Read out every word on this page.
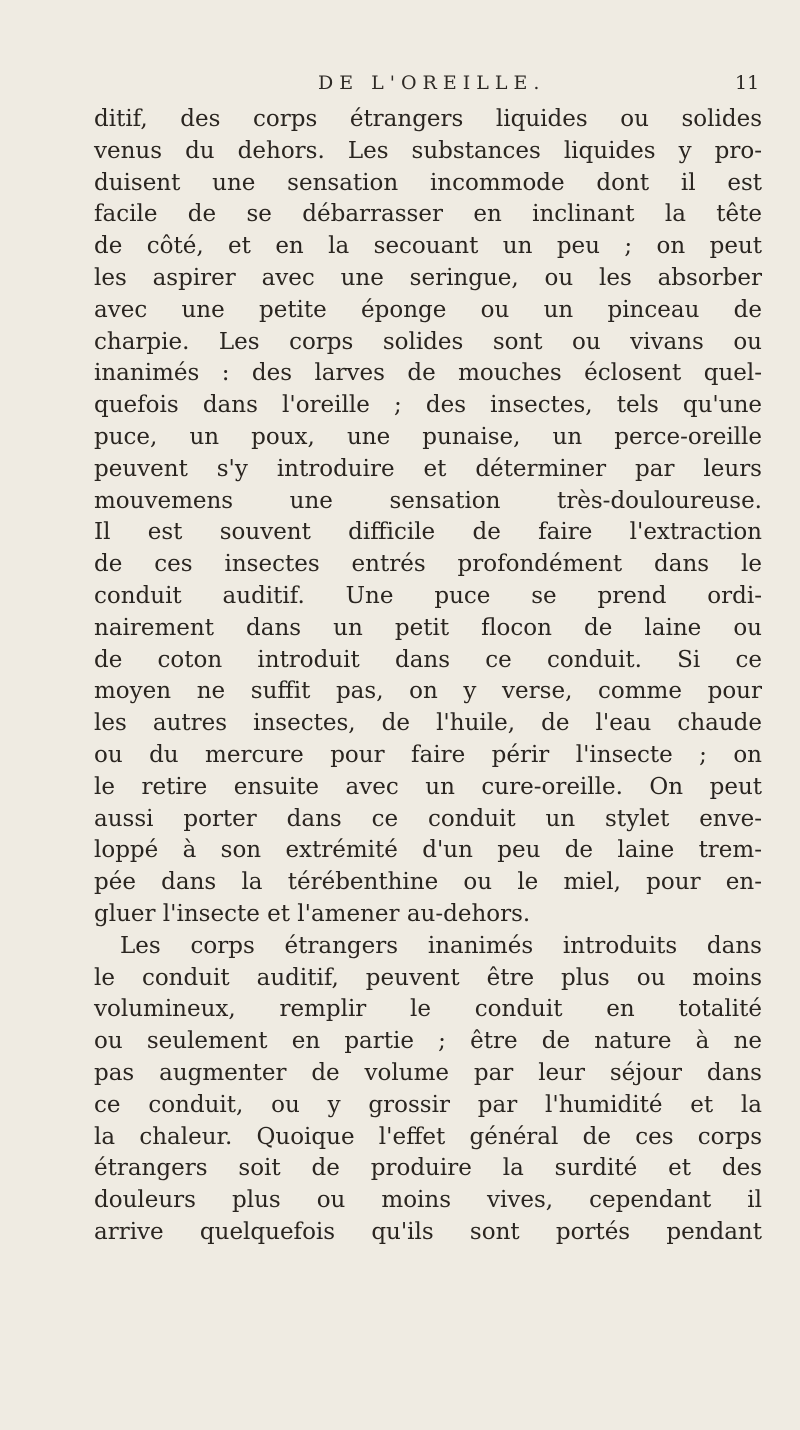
DE L'OREILLE.	11
ditif, des corps étrangers liquides ou solides
venus du dehors. Les substances liquides y pro-
duisent une sensation incommode dont il est
facile de se débarrasser en inclinant la tête
de côté, et en la secouant un peu ; on peut
les aspirer avec une seringue, ou les absorber
avec une petite éponge ou un pinceau de
charpie. Les corps solides sont ou vivans ou
inanimés : des larves de mouches éclosent quel-
quefois dans l'oreille ; des insectes, tels qu'une
puce, un poux, une punaise, un perce-oreille
peuvent s'y introduire et déterminer par leurs
mouvemens une sensation très-douloureuse.
Il est souvent difficile de faire l'extraction
de ces insectes entrés profondément dans le
conduit auditif. Une puce se prend ordi-
nairement dans un petit flocon de laine ou
de coton introduit dans ce conduit. Si ce
moyen ne suffit pas, on y verse, comme pour
les autres insectes, de l'huile, de l'eau chaude
ou du mercure pour faire périr l'insecte ; on
le retire ensuite avec un cure-oreille. On peut
aussi porter dans ce conduit un stylet enve-
loppé à son extrémité d'un peu de laine trem-
pée dans la térébenthine ou le miel, pour en-
gluer l'insecte et l'amener au-dehors.
Les corps étrangers inanimés introduits dans
le conduit auditif, peuvent être plus ou moins
volumineux, remplir le conduit en totalité
ou seulement en partie ; être de nature à ne
pas augmenter de volume par leur séjour dans
ce conduit, ou y grossir par l'humidité et la
la chaleur. Quoique l'effet général de ces corps
étrangers soit de produire la surdité et des
douleurs plus ou moins vives, cependant il
arrive quelquefois qu'ils sont portés pendant
